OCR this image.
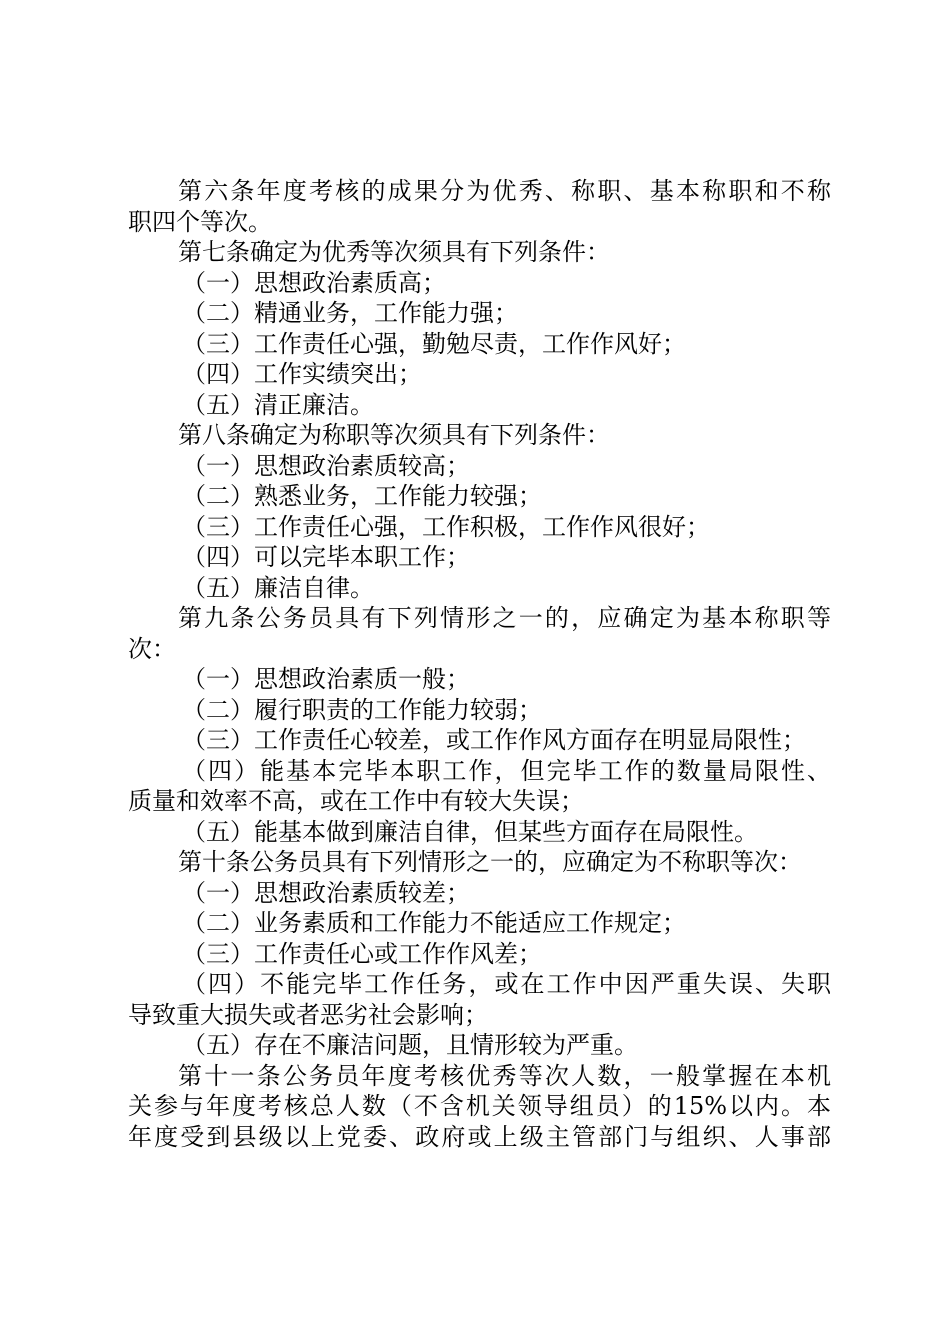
第六条年度考核的成果分为优秀、称职、基本称职和不称
职四个等次。
第七条确定为优秀等次须具有下列条件：
（一）思想政治素质高；
（二）精通业务，工作能力强；
（三）工作责任心强，勤勉尽责，工作作风好；
（四）工作实绩突出；
（五）清正廉洁。
第八条确定为称职等次须具有下列条件：
（一）思想政治素质较高；
（二）熟悉业务，工作能力较强；
（三）工作责任心强，工作积极，工作作风很好；
（四）可以完毕本职工作；
（五）廉洁自律。
第九条公务员具有下列情形之一的，应确定为基本称职等
次：
（一）思想政治素质一般；
（二）履行职责的工作能力较弱；
（三）工作责任心较差，或工作作风方面存在明显局限性；
（四）能基本完毕本职工作，但完毕工作的数量局限性、
质量和效率不高，或在工作中有较大失误；
（五）能基本做到廉洁自律，但某些方面存在局限性。
第十条公务员具有下列情形之一的，应确定为不称职等次：
（一）思想政治素质较差；
（二）业务素质和工作能力不能适应工作规定；
（三）工作责任心或工作作风差；
（四）不能完毕工作任务，或在工作中因严重失误、失职
导致重大损失或者恶劣社会影响；
（五）存在不廉洁问题，且情形较为严重。
第十一条公务员年度考核优秀等次人数，一般掌握在本机
关参与年度考核总人数（不含机关领导组员）的15%以内。本
年度受到县级以上党委、政府或上级主管部门与组织、人事部
